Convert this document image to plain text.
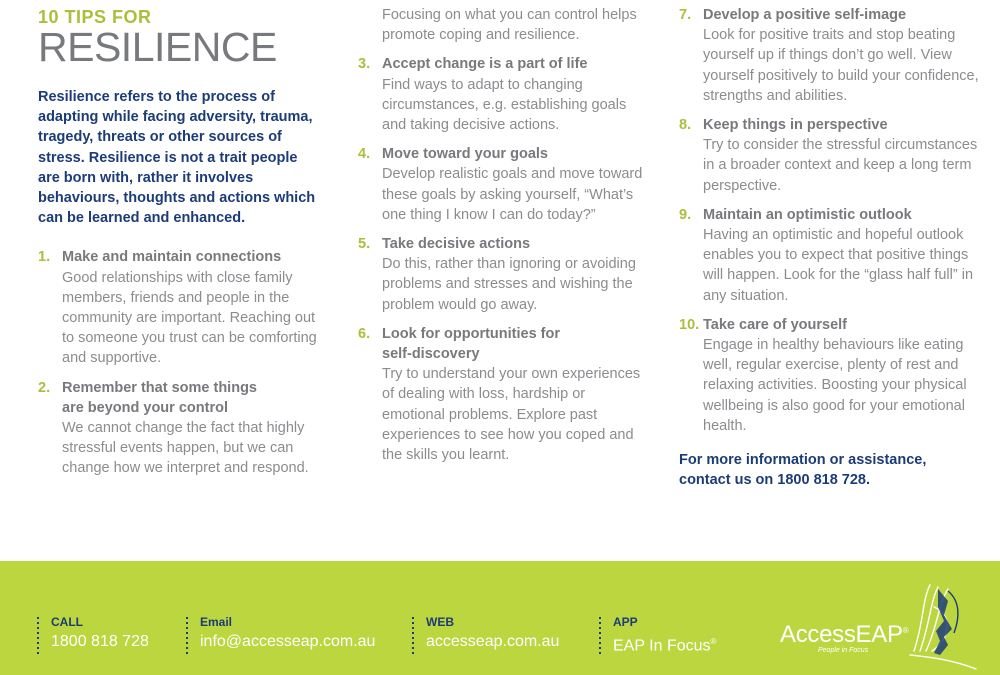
10 TIPS FOR
RESILIENCE
Resilience refers to the process of adapting while facing adversity, trauma, tragedy, threats or other sources of stress. Resilience is not a trait people are born with, rather it involves behaviours, thoughts and actions which can be learned and enhanced.
1. Make and maintain connections
Good relationships with close family members, friends and people in the community are important. Reaching out to someone you trust can be comforting and supportive.
2. Remember that some things are beyond your control
We cannot change the fact that highly stressful events happen, but we can change how we interpret and respond.
Focusing on what you can control helps promote coping and resilience.
3. Accept change is a part of life
Find ways to adapt to changing circumstances, e.g. establishing goals and taking decisive actions.
4. Move toward your goals
Develop realistic goals and move toward these goals by asking yourself, “What’s one thing I know I can do today?”
5. Take decisive actions
Do this, rather than ignoring or avoiding problems and stresses and wishing the problem would go away.
6. Look for opportunities for self-discovery
Try to understand your own experiences of dealing with loss, hardship or emotional problems. Explore past experiences to see how you coped and the skills you learnt.
7. Develop a positive self-image
Look for positive traits and stop beating yourself up if things don’t go well. View yourself positively to build your confidence, strengths and abilities.
8. Keep things in perspective
Try to consider the stressful circumstances in a broader context and keep a long term perspective.
9. Maintain an optimistic outlook
Having an optimistic and hopeful outlook enables you to expect that positive things will happen. Look for the “glass half full” in any situation.
10. Take care of yourself
Engage in healthy behaviours like eating well, regular exercise, plenty of rest and relaxing activities. Boosting your physical wellbeing is also good for your emotional health.
For more information or assistance, contact us on 1800 818 728.
CALL
1800 818 728
Email
info@accesseap.com.au
WEB
accesseap.com.au
APP
EAP In Focus®	AccessEAP®
People in Focus
